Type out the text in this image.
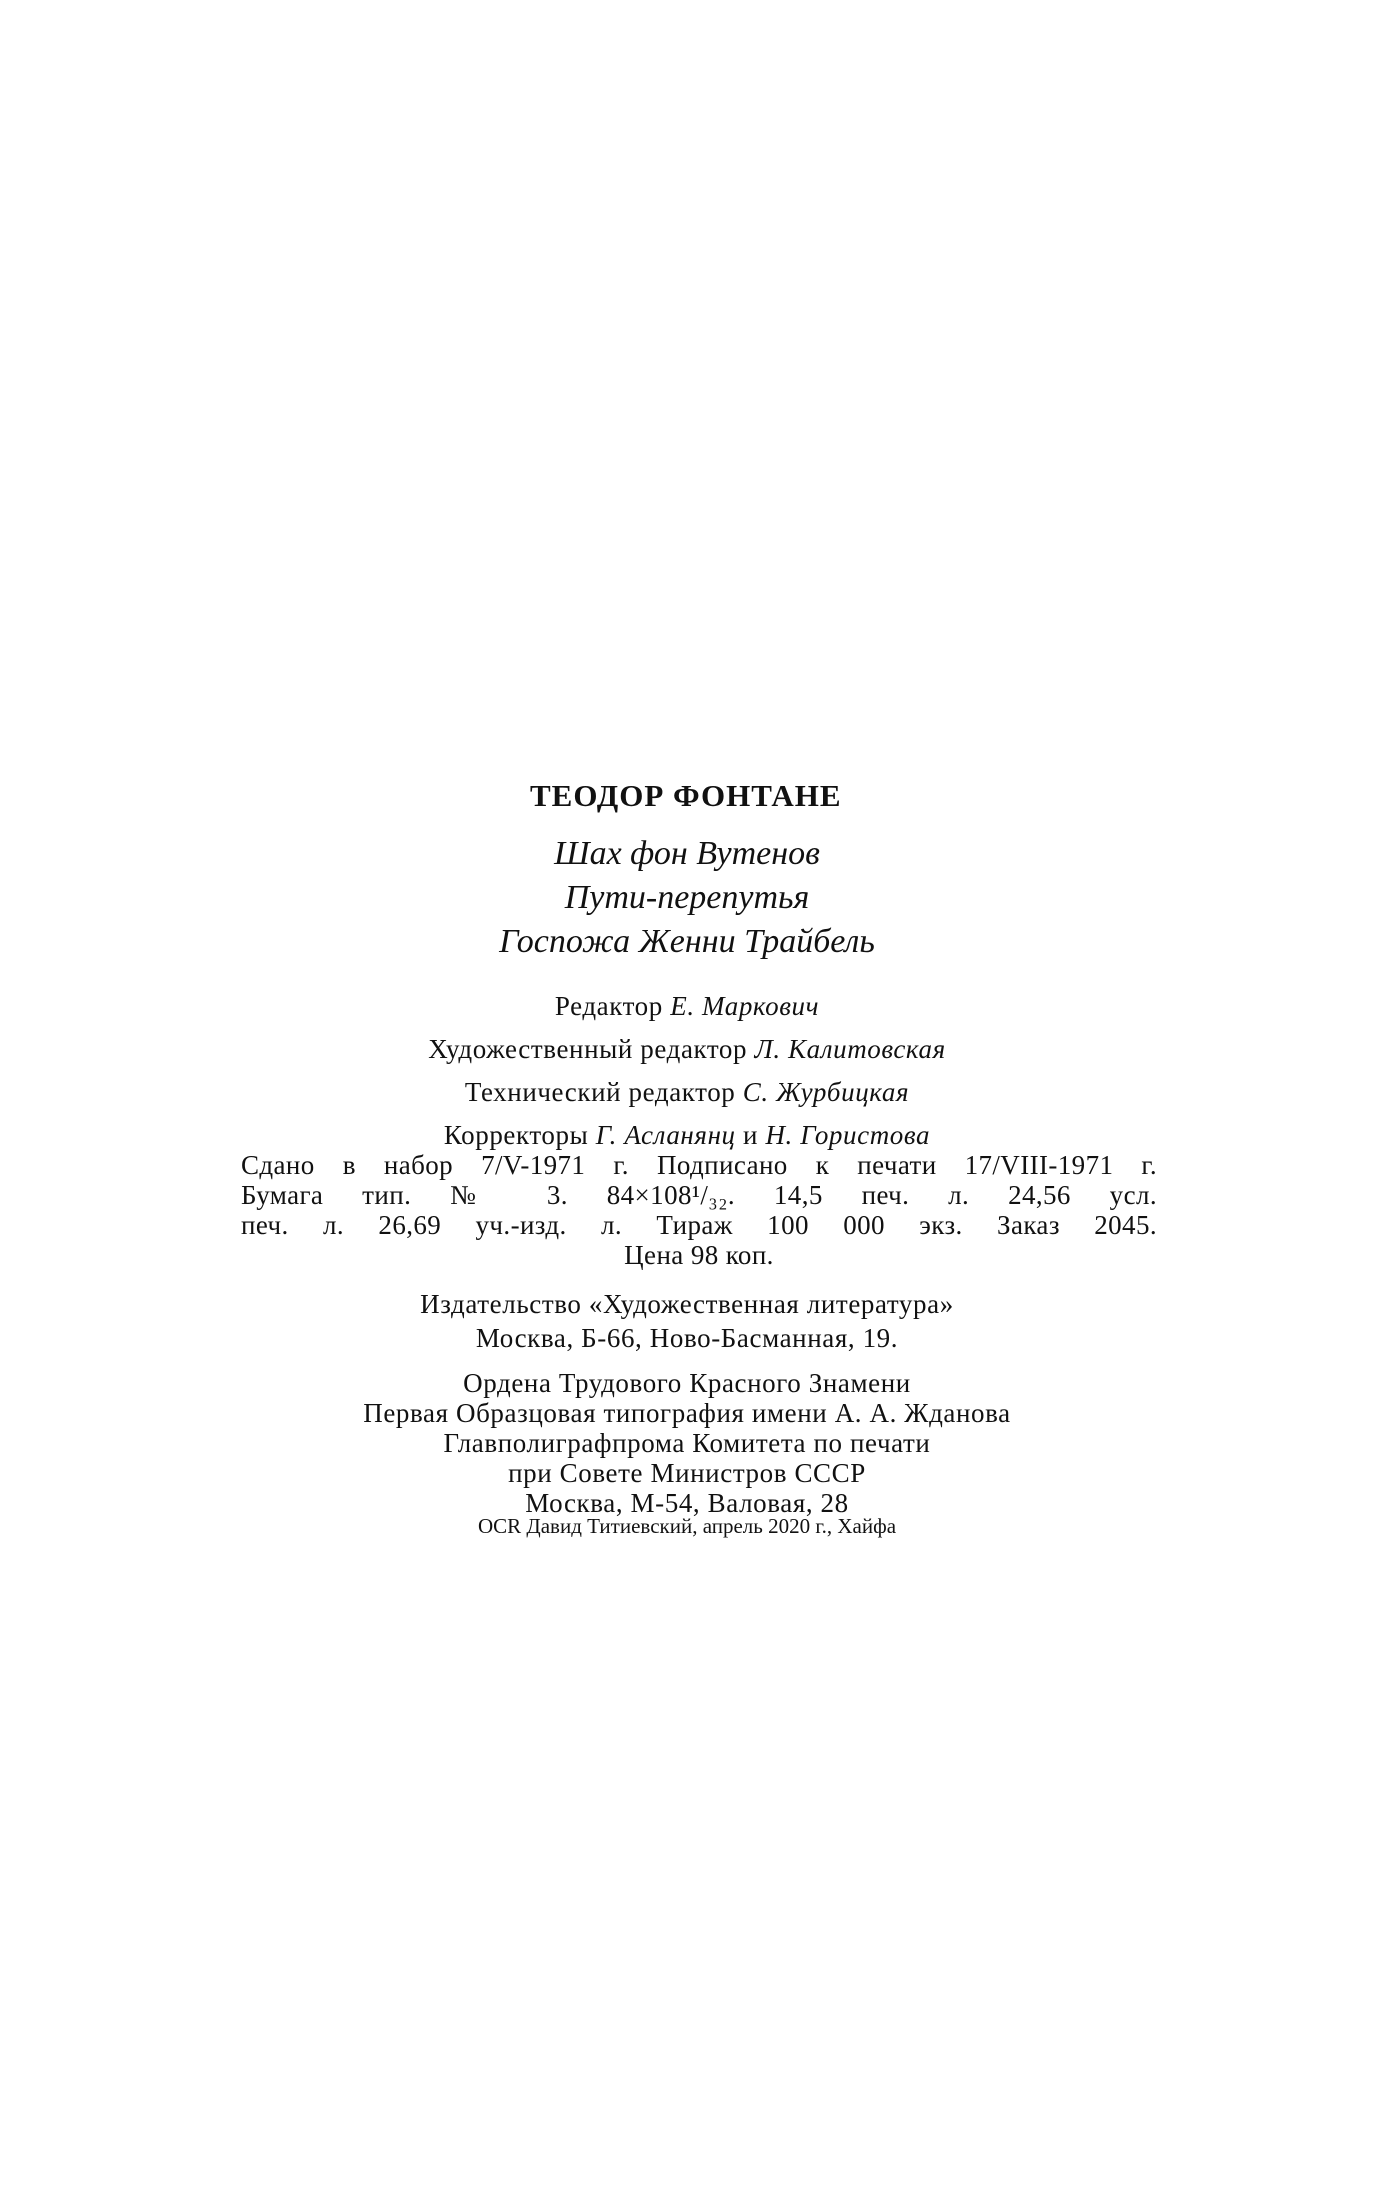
ТЕОДОР ФОНТАНЕ
Шах фон Вутенов
Пути-перепутья
Госпожа Женни Трайбель
Редактор Е. Маркович
Художественный редактор Л. Калитовская
Технический редактор С. Журбицкая
Корректоры Г. Асланянц и Н. Гористова
Сдано в набор 7/V-1971 г. Подписано к печати 17/VIII-1971 г.
Бумага тип. № 3. 84×108¹/₃₂. 14,5 печ. л. 24,56 усл.
печ. л. 26,69 уч.-изд. л. Тираж 100 000 экз. Заказ 2045.
Цена 98 коп.
Издательство «Художественная литература»
Москва, Б-66, Ново-Басманная, 19.
Ордена Трудового Красного Знамени
Первая Образцовая типография имени А. А. Жданова
Главполиграфпрома Комитета по печати
при Совете Министров СССР
Москва, М-54, Валовая, 28
OCR Давид Титиевский, апрель 2020 г., Хайфа
